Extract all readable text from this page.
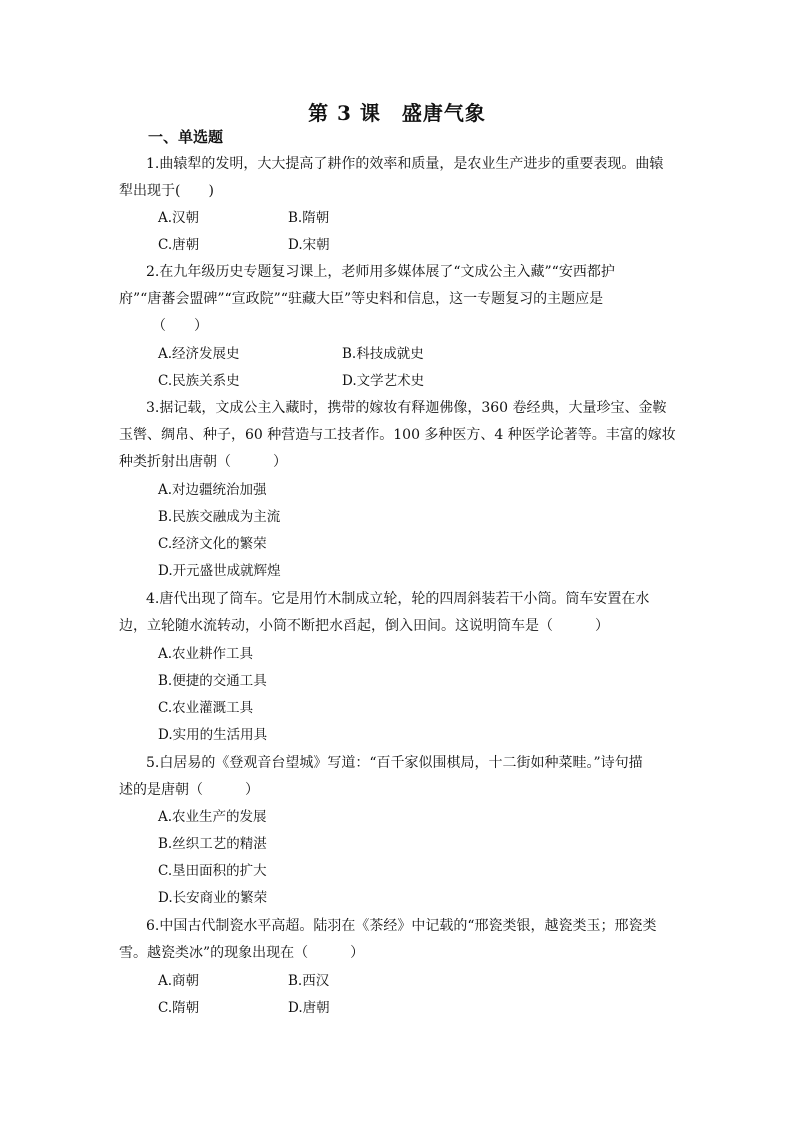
第 3 课　盛唐气象
一、单选题
1.曲辕犁的发明，大大提高了耕作的效率和质量，是农业生产进步的重要表现。曲辕
犁出现于(　　)
A.汉朝	B.隋朝
C.唐朝	D.宋朝
2.在九年级历史专题复习课上，老师用多媒体展了“文成公主入藏”“安西都护
府”“唐蕃会盟碑”“宣政院”“驻藏大臣”等史料和信息，这一专题复习的主题应是
（　　）
A.经济发展史	B.科技成就史
C.民族关系史	D.文学艺术史
3.据记载，文成公主入藏时，携带的嫁妆有释迦佛像，360 卷经典，大量珍宝、金鞍
玉辔、绸帛、种子，60 种营造与工技者作。100 多种医方、4 种医学论著等。丰富的嫁妆
种类折射出唐朝（　　　）
A.对边疆统治加强
B.民族交融成为主流
C.经济文化的繁荣
D.开元盛世成就辉煌
4.唐代出现了筒车。它是用竹木制成立轮，轮的四周斜装若干小筒。筒车安置在水
边，立轮随水流转动，小筒不断把水舀起，倒入田间。这说明筒车是（　　　）
A.农业耕作工具
B.便捷的交通工具
C.农业灌溉工具
D.实用的生活用具
5.白居易的《登观音台望城》写道：“百千家似围棋局，十二街如种菜畦。”诗句描
述的是唐朝（　　　）
A.农业生产的发展
B.丝织工艺的精湛
C.垦田面积的扩大
D.长安商业的繁荣
6.中国古代制瓷水平高超。陆羽在《茶经》中记载的“邢瓷类银，越瓷类玉；邢瓷类
雪。越瓷类冰”的现象出现在（　　　）
A.商朝	B.西汉
C.隋朝	D.唐朝
